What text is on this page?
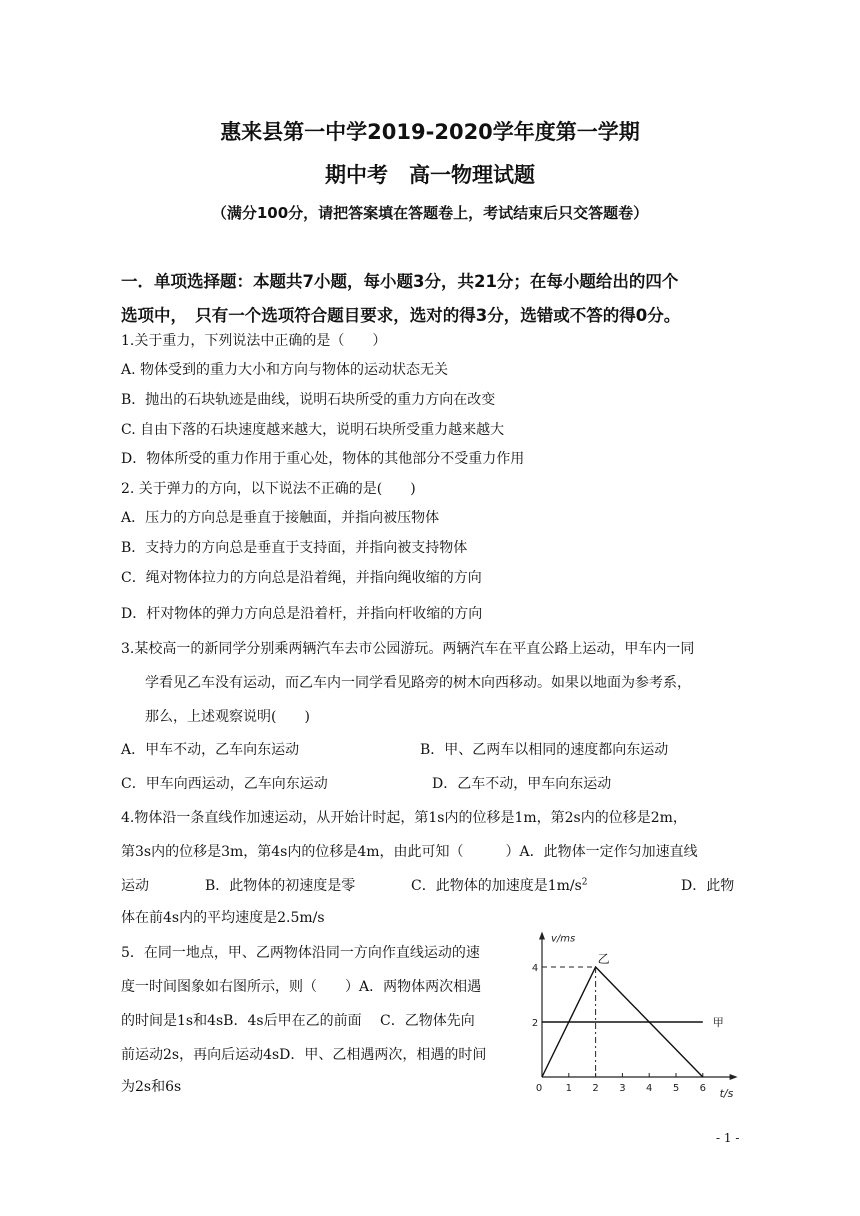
惠来县第一中学2019-2020学年度第一学期
期中考　高一物理试题
（满分100分，请把答案填在答题卷上，考试结束后只交答题卷）
一．单项选择题：本题共7小题，每小题3分，共21分；在每小题给出的四个
选项中，　只有一个选项符合题目要求，选对的得3分，选错或不答的得0分。
1.关于重力，下列说法中正确的是（　　）
A. 物体受到的重力大小和方向与物体的运动状态无关
B．抛出的石块轨迹是曲线，说明石块所受的重力方向在改变
C. 自由下落的石块速度越来越大，说明石块所受重力越来越大
D．物体所受的重力作用于重心处，物体的其他部分不受重力作用
2. 关于弹力的方向，以下说法不正确的是(　　)
A．压力的方向总是垂直于接触面，并指向被压物体
B．支持力的方向总是垂直于支持面，并指向被支持物体
C．绳对物体拉力的方向总是沿着绳，并指向绳收缩的方向
D．杆对物体的弹力方向总是沿着杆，并指向杆收缩的方向
3.某校高一的新同学分别乘两辆汽车去市公园游玩。两辆汽车在平直公路上运动，甲车内一同
学看见乙车没有运动，而乙车内一同学看见路旁的树木向西移动。如果以地面为参考系，
那么，上述观察说明(　　)
A．甲车不动，乙车向东运动	B．甲、乙两车以相同的速度都向东运动
C．甲车向西运动，乙车向东运动	D．乙车不动，甲车向东运动
4.物体沿一条直线作加速运动，从开始计时起，第1s内的位移是1m，第2s内的位移是2m，
第3s内的位移是3m，第4s内的位移是4m，由此可知（　　　）A．此物体一定作匀加速直线
运动	B．此物体的初速度是零	C．此物体的加速度是$1m/s^2$	D．此物
体在前4s内的平均速度是2.5m/s
5．在同一地点，甲、乙两物体沿同一方向作直线运动的速
度一时间图象如右图所示，则（　　）A．两物体两次相遇
的时间是1s和4sB．4s后甲在乙的前面　 C．乙物体先向
前运动2s，再向后运动4sD．甲、乙相遇两次，相遇的时间
为2s和6s	0 1 2 3 4 5 6
2
4
v/ms
t/s
乙
甲
- 1 -
